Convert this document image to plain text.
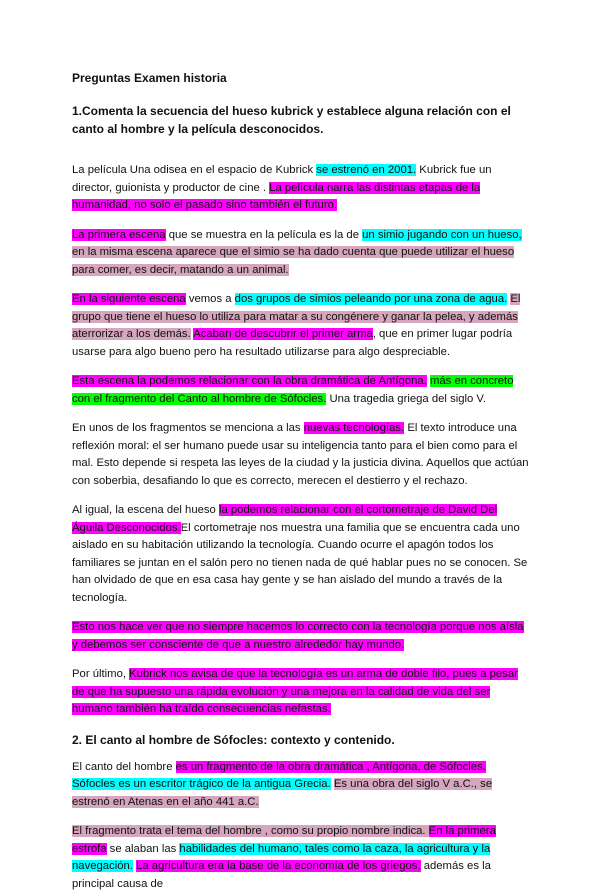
Preguntas Examen historia

1.Comenta la secuencia del hueso kubrick y establece alguna relación con el canto al hombre y la película desconocidos.

La película Una odisea en el espacio de Kubrick se estrenó en 2001. Kubrick fue un director, guionista y productor de cine . La película narra las distintas etapas de la humanidad, no solo el pasado sino también el futuro.

La primera escena que se muestra en la película es la de un simio jugando con un hueso, en la misma escena aparece que el simio se ha dado cuenta que puede utilizar el hueso para comer, es decir, matando a un animal.

En la siguiente escena vemos a dos grupos de simios peleando por una zona de agua. El grupo que tiene el hueso lo utiliza para matar a su congénere y ganar la pelea, y además aterrorizar a los demás. Acaban de descubrir el primer arma, que en primer lugar podría usarse para algo bueno pero ha resultado utilizarse para algo despreciable.

Esta escena la podemos relacionar con la obra dramática de Antígona, más en concreto con el fragmento del Canto al hombre de Sófocles. Una tragedia griega del siglo V.

En unos de los fragmentos se menciona a las nuevas tecnologías. El texto introduce una reflexión moral: el ser humano puede usar su inteligencia tanto para el bien como para el mal. Esto depende si respeta las leyes de la ciudad y la justicia divina. Aquellos que actúan con soberbia, desafiando lo que es correcto, merecen el destierro y el rechazo.

Al igual, la escena del hueso la podemos relacionar con el cortometraje de David Del Águila Desconocidos.El cortometraje nos muestra una familia que se encuentra cada uno aislado en su habitación utilizando la tecnología. Cuando ocurre el apagón todos los familiares se juntan en el salón pero no tienen nada de qué hablar pues no se conocen. Se han olvidado de que en esa casa hay gente y se han aislado del mundo a través de la tecnología.

Esto nos hace ver que no siempre hacemos lo correcto con la tecnología porque nos aísla y debemos ser consciente de que a nuestro alrededor hay mundo.

Por último, Kubrick nos avisa de que la tecnología es un arma de doble filo, pues a pesar de que ha supuesto una rápida evolución y una mejora en la calidad de vida del ser humano también ha traído consecuencias nefastas.

2. El canto al hombre de Sófocles: contexto y contenido.

El canto del hombre es un fragmento de la obra dramática , Antígona, de Sófocles. Sófocles es un escritor trágico de la antigua Grecia. Es una obra del siglo V a.C., se estrenó en Atenas en el año 441 a.C.

El fragmento trata el tema del hombre , como su propio nombre indica. En la primera estrofa se alaban las habilidades del humano, tales como la caza, la agricultura y la navegación. La agricultura era la base de la economía de los griegos, además es la principal causa de
